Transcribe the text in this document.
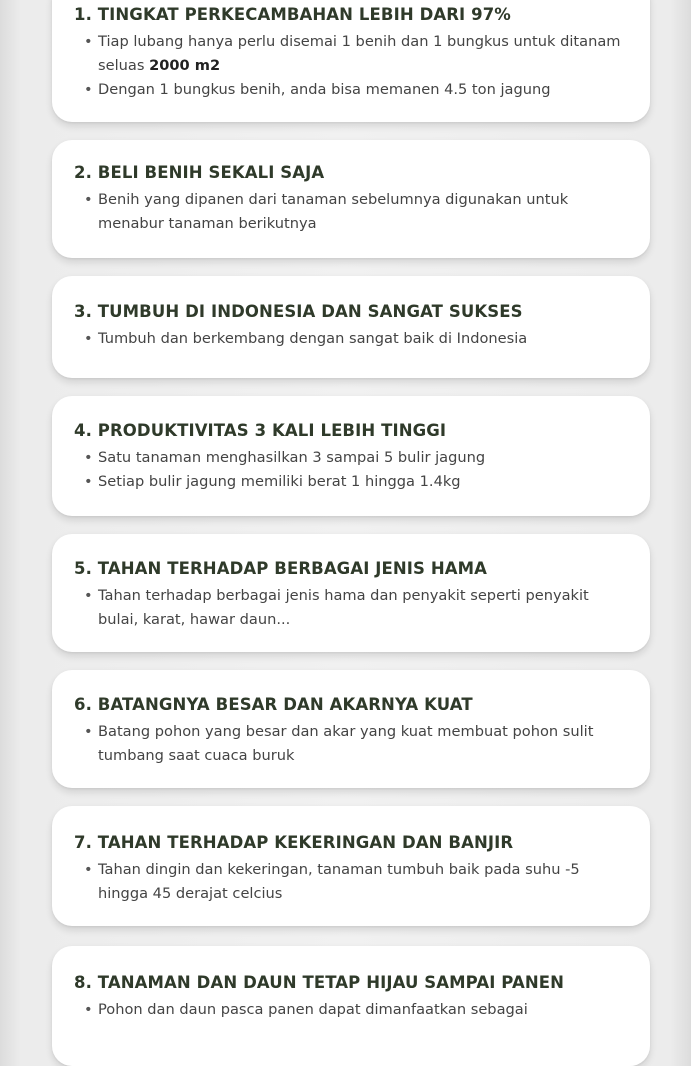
1. TINGKAT PERKECAMBAHAN LEBIH DARI 97%
• Tiap lubang hanya perlu disemai 1 benih dan 1 bungkus untuk ditanam seluas 2000 m2
• Dengan 1 bungkus benih, anda bisa memanen 4.5 ton jagung
2. BELI BENIH SEKALI SAJA
• Benih yang dipanen dari tanaman sebelumnya digunakan untuk menabur tanaman berikutnya
3. TUMBUH DI INDONESIA DAN SANGAT SUKSES
• Tumbuh dan berkembang dengan sangat baik di Indonesia
4. PRODUKTIVITAS 3 KALI LEBIH TINGGI
• Satu tanaman menghasilkan 3 sampai 5 bulir jagung
• Setiap bulir jagung memiliki berat 1 hingga 1.4kg
5. TAHAN TERHADAP BERBAGAI JENIS HAMA
• Tahan terhadap berbagai jenis hama dan penyakit seperti penyakit bulai, karat, hawar daun...
6. BATANGNYA BESAR DAN AKARNYA KUAT
• Batang pohon yang besar dan akar yang kuat membuat pohon sulit tumbang saat cuaca buruk
7. TAHAN TERHADAP KEKERINGAN DAN BANJIR
• Tahan dingin dan kekeringan, tanaman tumbuh baik pada suhu -5 hingga 45 derajat celcius
8. TANAMAN DAN DAUN TETAP HIJAU SAMPAI PANEN
• Pohon dan daun pasca panen dapat dimanfaatkan sebagai
